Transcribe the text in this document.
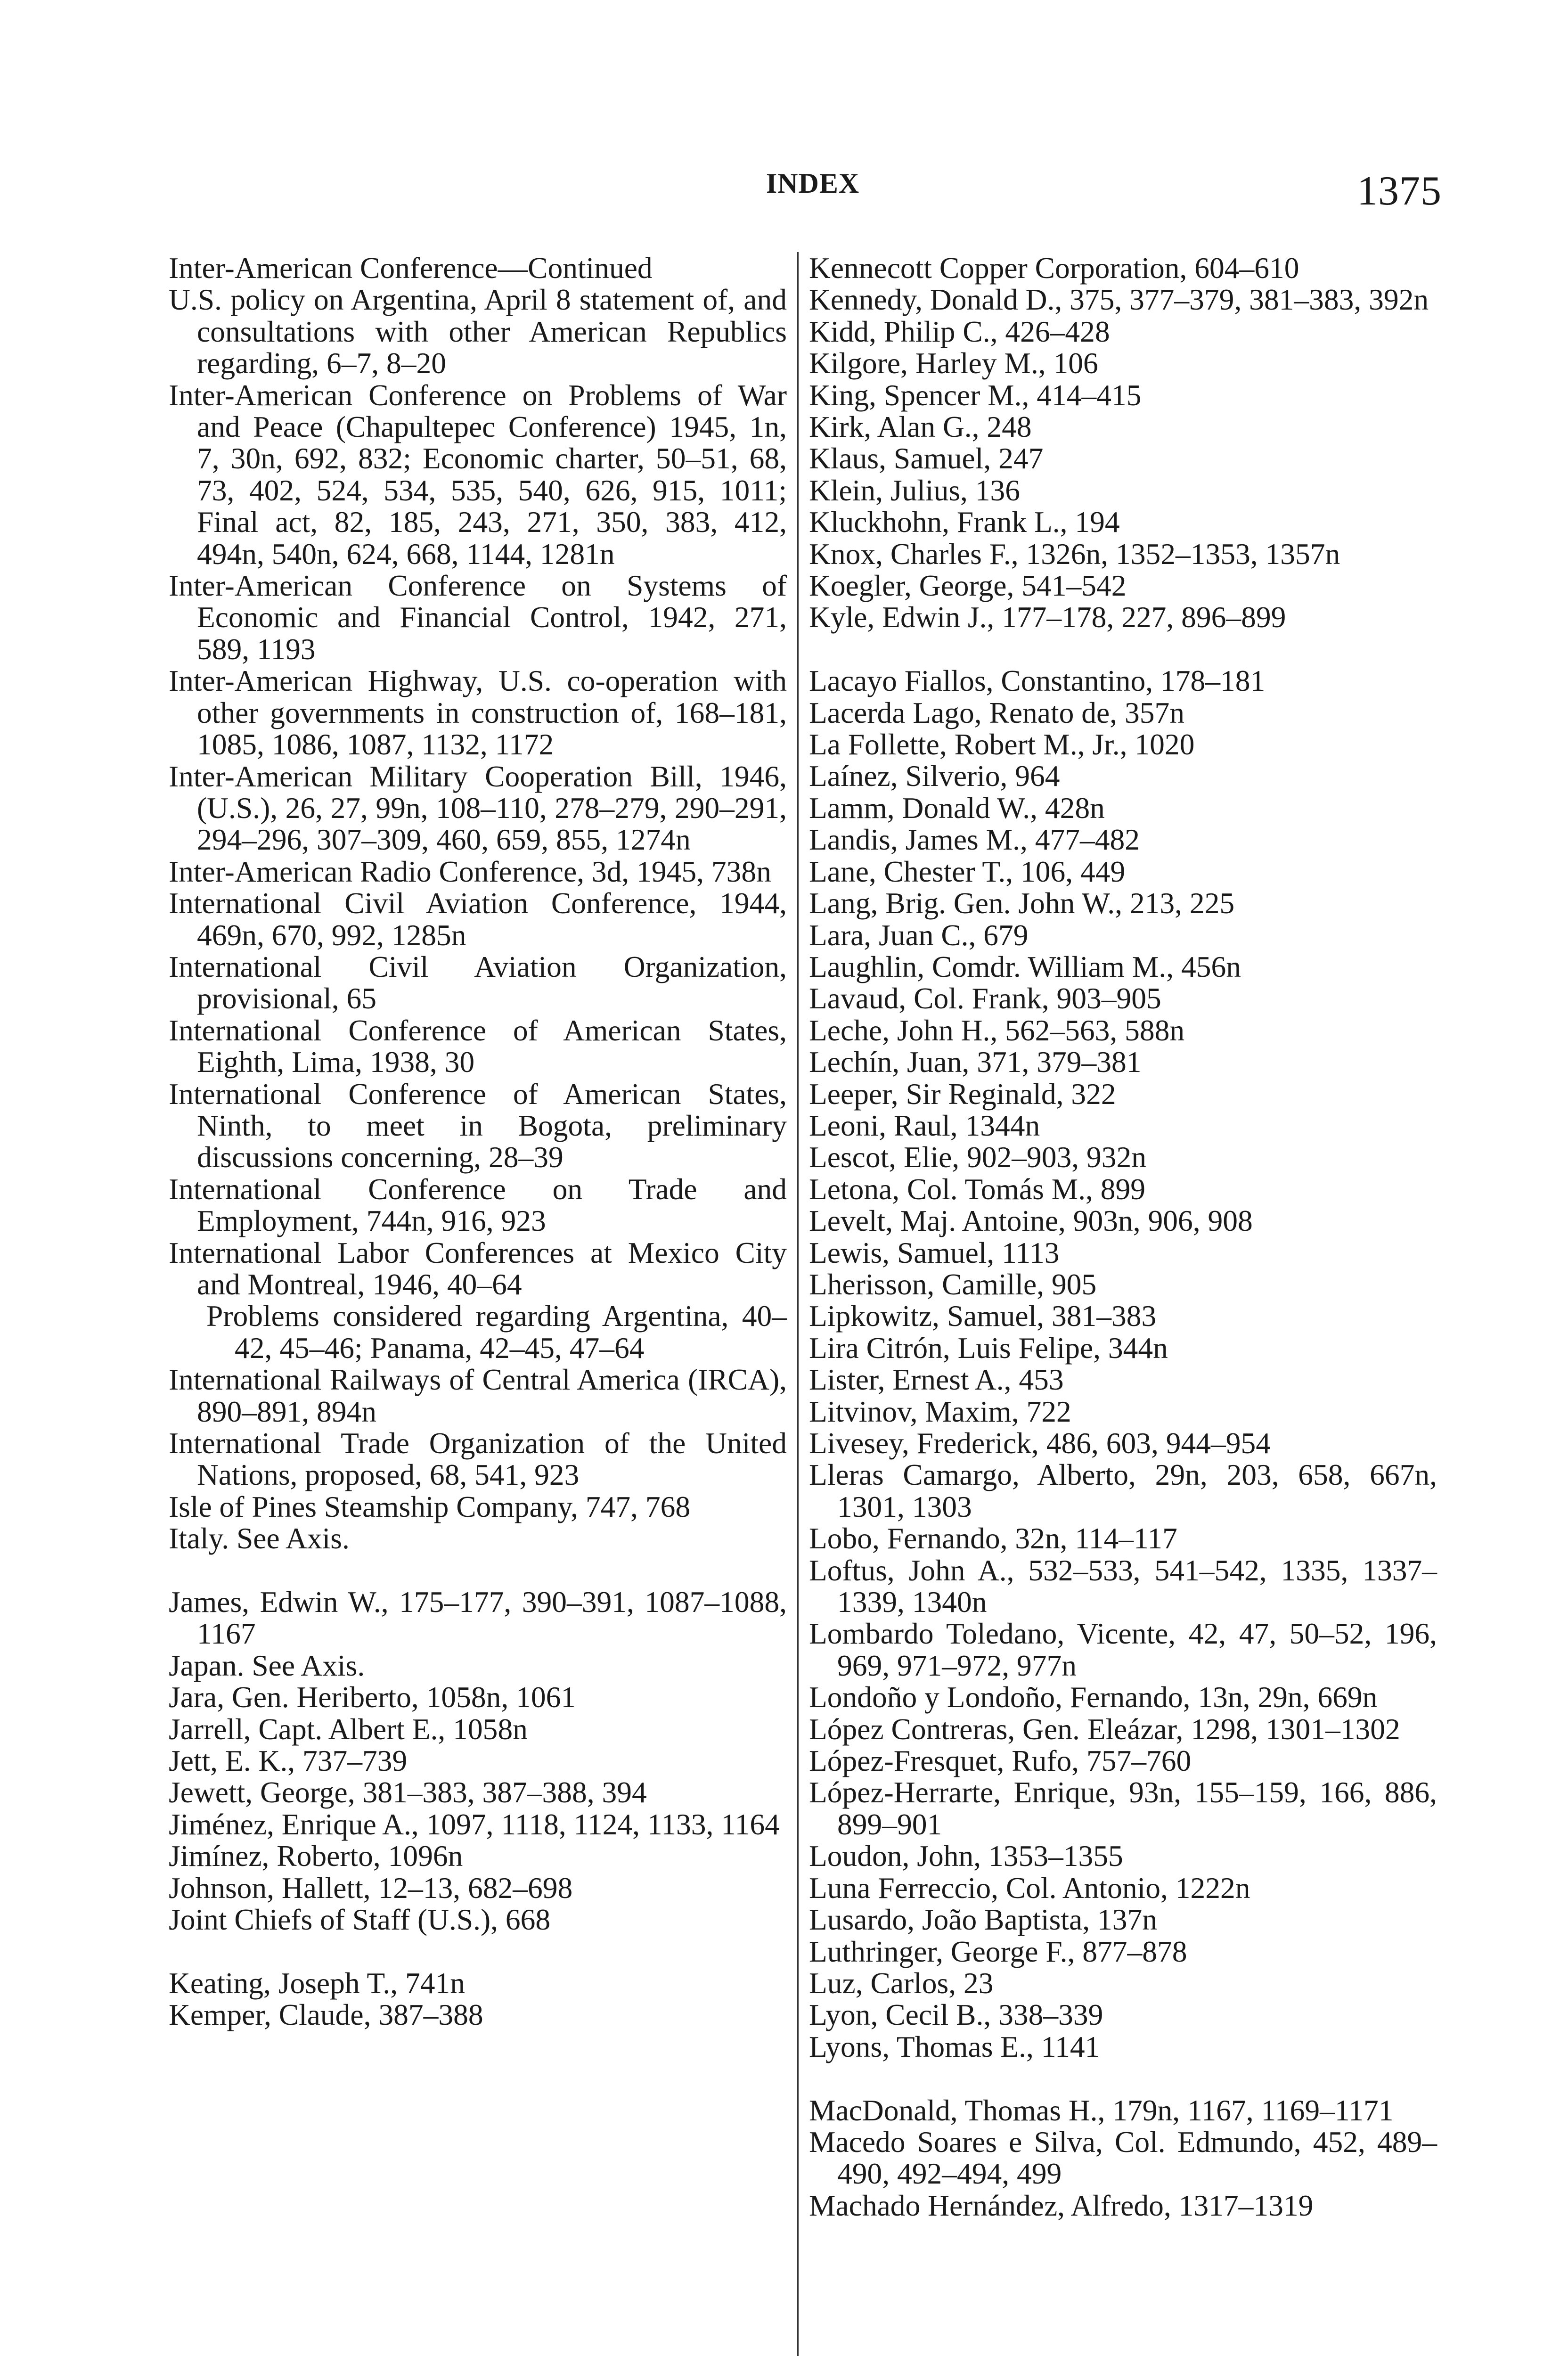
INDEX	1375
Inter-American Conference—Continued
U.S. policy on Argentina, April 8 statement of, and consultations with other American Republics regarding, 6–7, 8–20
Inter-American Conference on Problems of War and Peace (Chapultepec Conference) 1945, 1n, 7, 30n, 692, 832; Economic charter, 50–51, 68, 73, 402, 524, 534, 535, 540, 626, 915, 1011; Final act, 82, 185, 243, 271, 350, 383, 412, 494n, 540n, 624, 668, 1144, 1281n
Inter-American Conference on Systems of Economic and Financial Control, 1942, 271, 589, 1193
Inter-American Highway, U.S. co-operation with other governments in construction of, 168–181, 1085, 1086, 1087, 1132, 1172
Inter-American Military Cooperation Bill, 1946, (U.S.), 26, 27, 99n, 108–110, 278–279, 290–291, 294–296, 307–309, 460, 659, 855, 1274n
Inter-American Radio Conference, 3d, 1945, 738n
International Civil Aviation Conference, 1944, 469n, 670, 992, 1285n
International Civil Aviation Organization, provisional, 65
International Conference of American States, Eighth, Lima, 1938, 30
International Conference of American States, Ninth, to meet in Bogota, preliminary discussions concerning, 28–39
International Conference on Trade and Employment, 744n, 916, 923
International Labor Conferences at Mexico City and Montreal, 1946, 40–64
Problems considered regarding Argentina, 40–42, 45–46; Panama, 42–45, 47–64
International Railways of Central America (IRCA), 890–891, 894n
International Trade Organization of the United Nations, proposed, 68, 541, 923
Isle of Pines Steamship Company, 747, 768
Italy. See Axis.
James, Edwin W., 175–177, 390–391, 1087–1088, 1167
Japan. See Axis.
Jara, Gen. Heriberto, 1058n, 1061
Jarrell, Capt. Albert E., 1058n
Jett, E. K., 737–739
Jewett, George, 381–383, 387–388, 394
Jiménez, Enrique A., 1097, 1118, 1124, 1133, 1164
Jimínez, Roberto, 1096n
Johnson, Hallett, 12–13, 682–698
Joint Chiefs of Staff (U.S.), 668
Keating, Joseph T., 741n
Kemper, Claude, 387–388
Kennecott Copper Corporation, 604–610
Kennedy, Donald D., 375, 377–379, 381–383, 392n
Kidd, Philip C., 426–428
Kilgore, Harley M., 106
King, Spencer M., 414–415
Kirk, Alan G., 248
Klaus, Samuel, 247
Klein, Julius, 136
Kluckhohn, Frank L., 194
Knox, Charles F., 1326n, 1352–1353, 1357n
Koegler, George, 541–542
Kyle, Edwin J., 177–178, 227, 896–899
Lacayo Fiallos, Constantino, 178–181
Lacerda Lago, Renato de, 357n
La Follette, Robert M., Jr., 1020
Laínez, Silverio, 964
Lamm, Donald W., 428n
Landis, James M., 477–482
Lane, Chester T., 106, 449
Lang, Brig. Gen. John W., 213, 225
Lara, Juan C., 679
Laughlin, Comdr. William M., 456n
Lavaud, Col. Frank, 903–905
Leche, John H., 562–563, 588n
Lechín, Juan, 371, 379–381
Leeper, Sir Reginald, 322
Leoni, Raul, 1344n
Lescot, Elie, 902–903, 932n
Letona, Col. Tomás M., 899
Levelt, Maj. Antoine, 903n, 906, 908
Lewis, Samuel, 1113
Lherisson, Camille, 905
Lipkowitz, Samuel, 381–383
Lira Citrón, Luis Felipe, 344n
Lister, Ernest A., 453
Litvinov, Maxim, 722
Livesey, Frederick, 486, 603, 944–954
Lleras Camargo, Alberto, 29n, 203, 658, 667n, 1301, 1303
Lobo, Fernando, 32n, 114–117
Loftus, John A., 532–533, 541–542, 1335, 1337–1339, 1340n
Lombardo Toledano, Vicente, 42, 47, 50–52, 196, 969, 971–972, 977n
Londoño y Londoño, Fernando, 13n, 29n, 669n
López Contreras, Gen. Eleázar, 1298, 1301–1302
López-Fresquet, Rufo, 757–760
López-Herrarte, Enrique, 93n, 155–159, 166, 886, 899–901
Loudon, John, 1353–1355
Luna Ferreccio, Col. Antonio, 1222n
Lusardo, João Baptista, 137n
Luthringer, George F., 877–878
Luz, Carlos, 23
Lyon, Cecil B., 338–339
Lyons, Thomas E., 1141
MacDonald, Thomas H., 179n, 1167, 1169–1171
Macedo Soares e Silva, Col. Edmundo, 452, 489–490, 492–494, 499
Machado Hernández, Alfredo, 1317–1319
